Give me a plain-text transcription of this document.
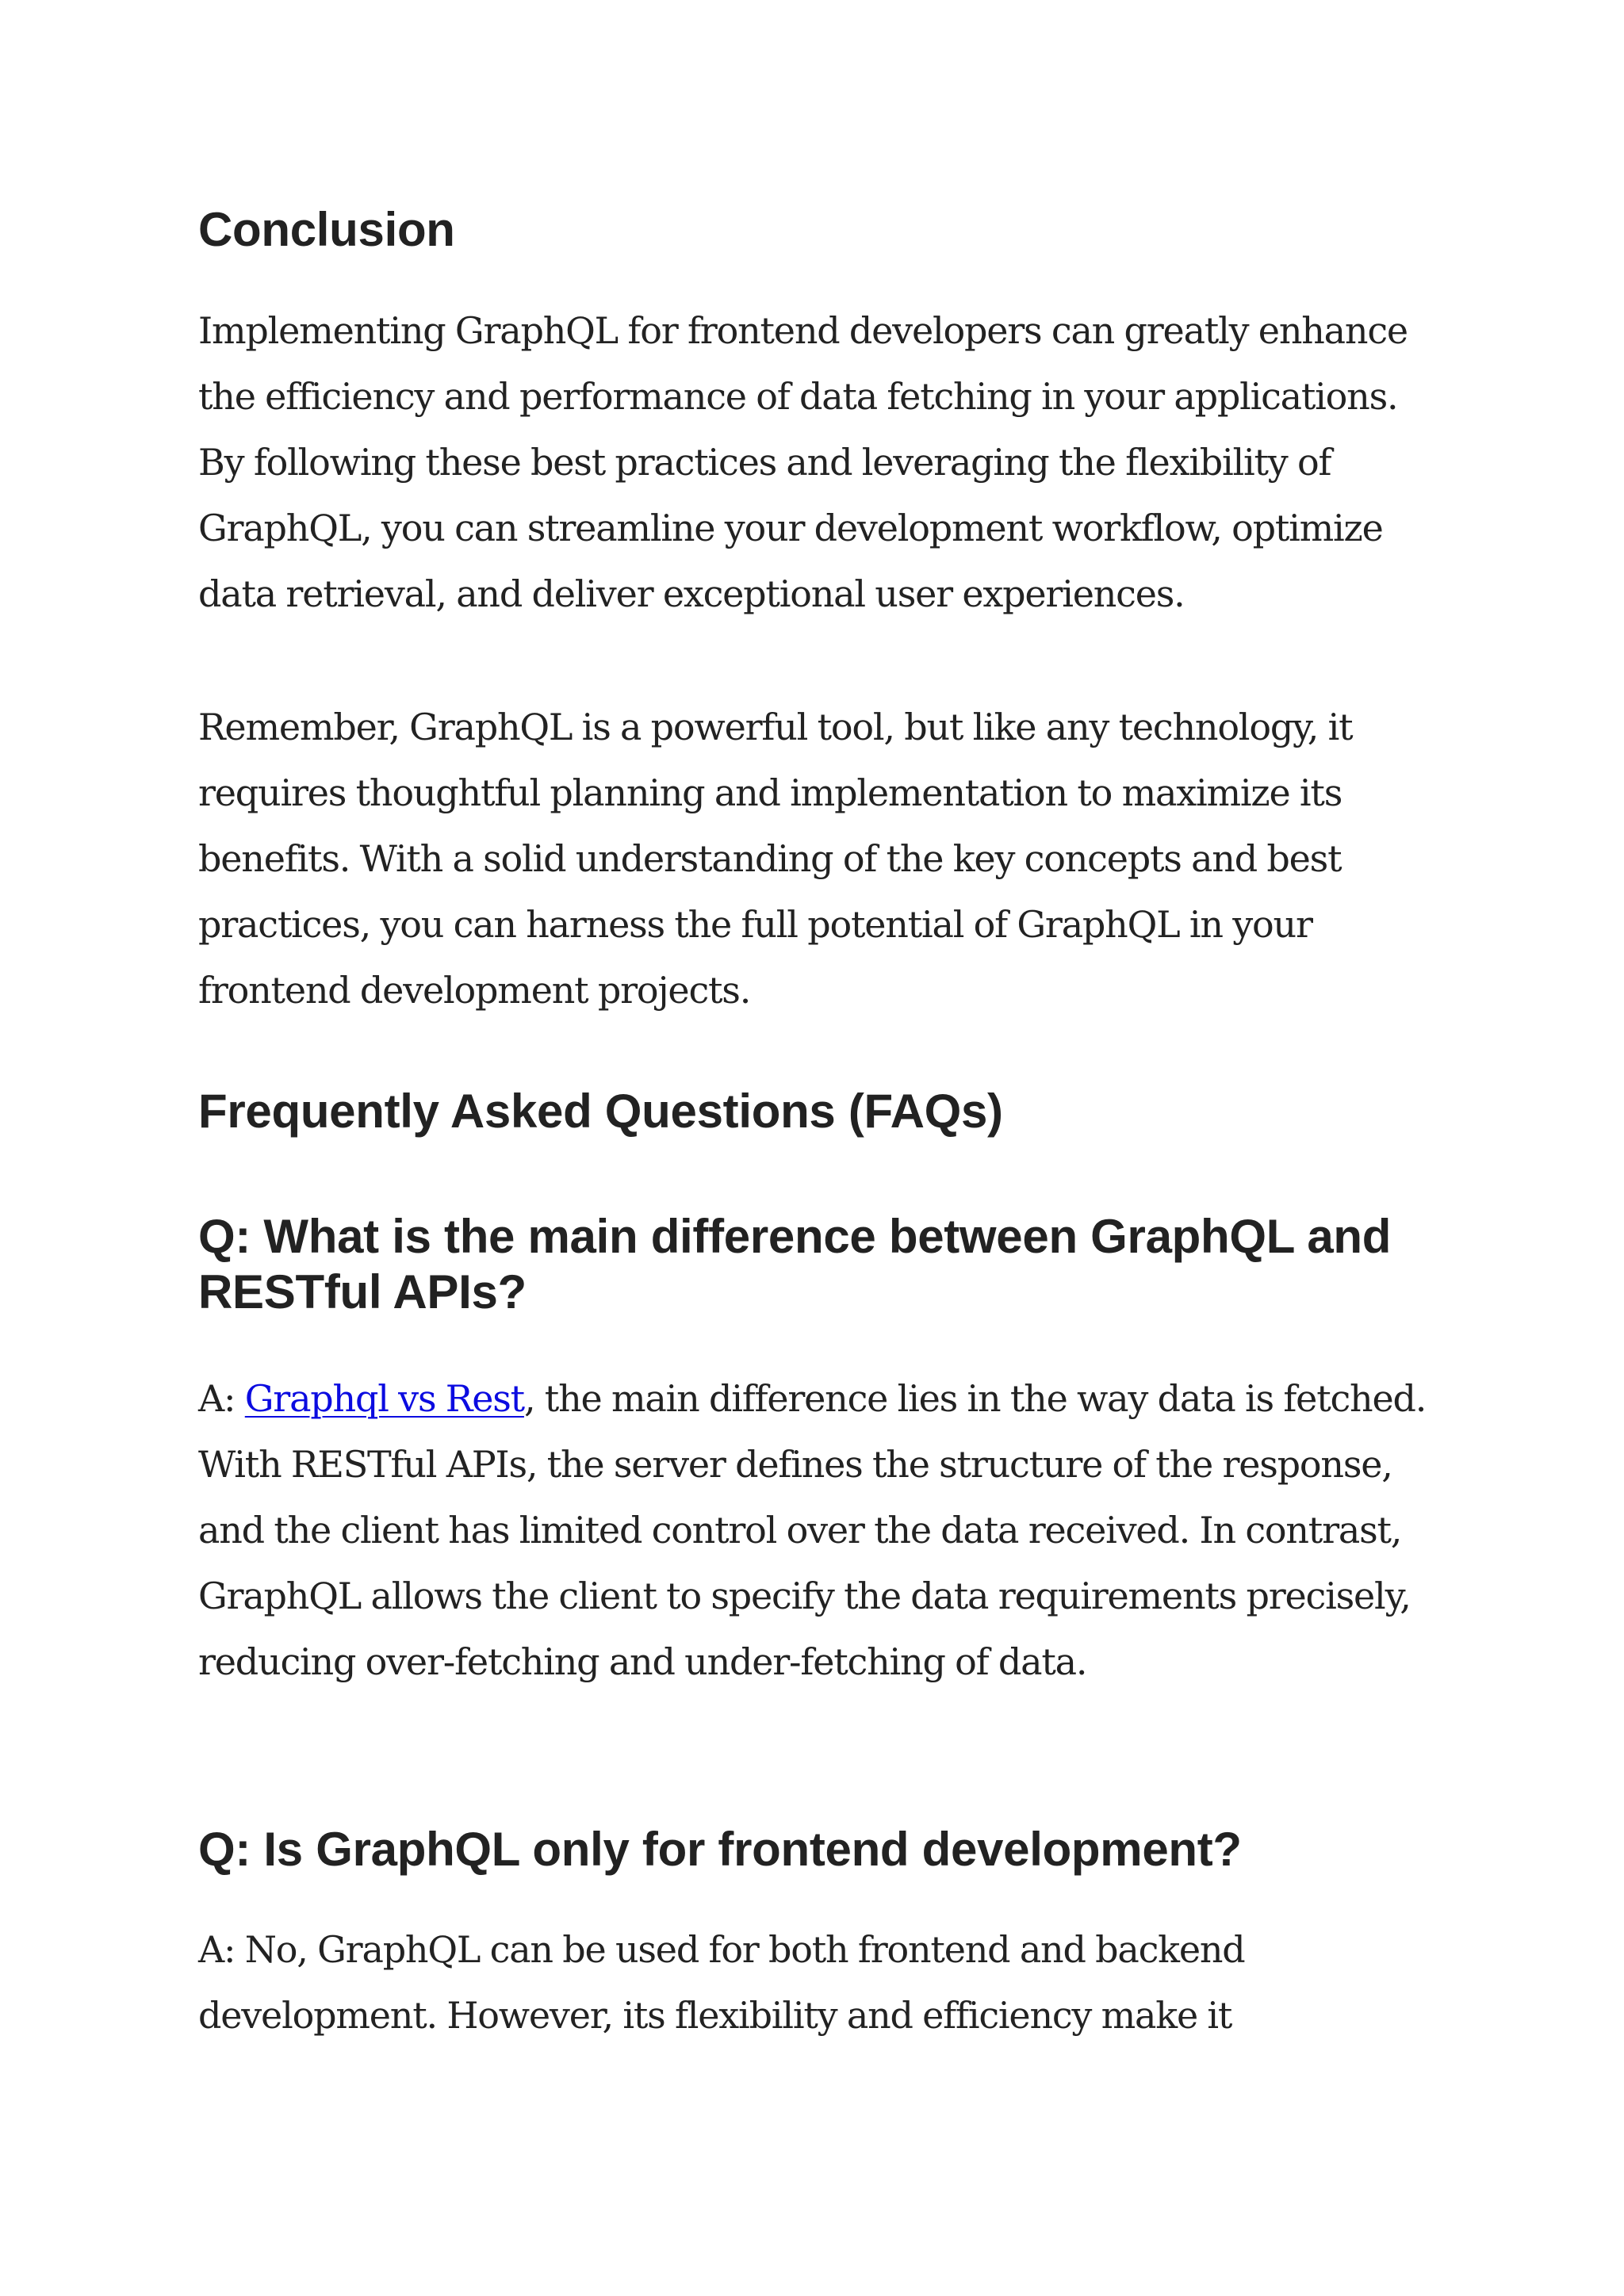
Conclusion

Implementing GraphQL for frontend developers can greatly enhance the efficiency and performance of data fetching in your applications. By following these best practices and leveraging the flexibility of GraphQL, you can streamline your development workflow, optimize data retrieval, and deliver exceptional user experiences.

Remember, GraphQL is a powerful tool, but like any technology, it requires thoughtful planning and implementation to maximize its benefits. With a solid understanding of the key concepts and best practices, you can harness the full potential of GraphQL in your frontend development projects.

Frequently Asked Questions (FAQs)
Q: What is the main difference between GraphQL and RESTful APIs?

A: Graphql vs Rest, the main difference lies in the way data is fetched. With RESTful APIs, the server defines the structure of the response, and the client has limited control over the data received. In contrast, GraphQL allows the client to specify the data requirements precisely, reducing over-fetching and under-fetching of data.

Q: Is GraphQL only for frontend development?

A: No, GraphQL can be used for both frontend and backend development. However, its flexibility and efficiency make it
